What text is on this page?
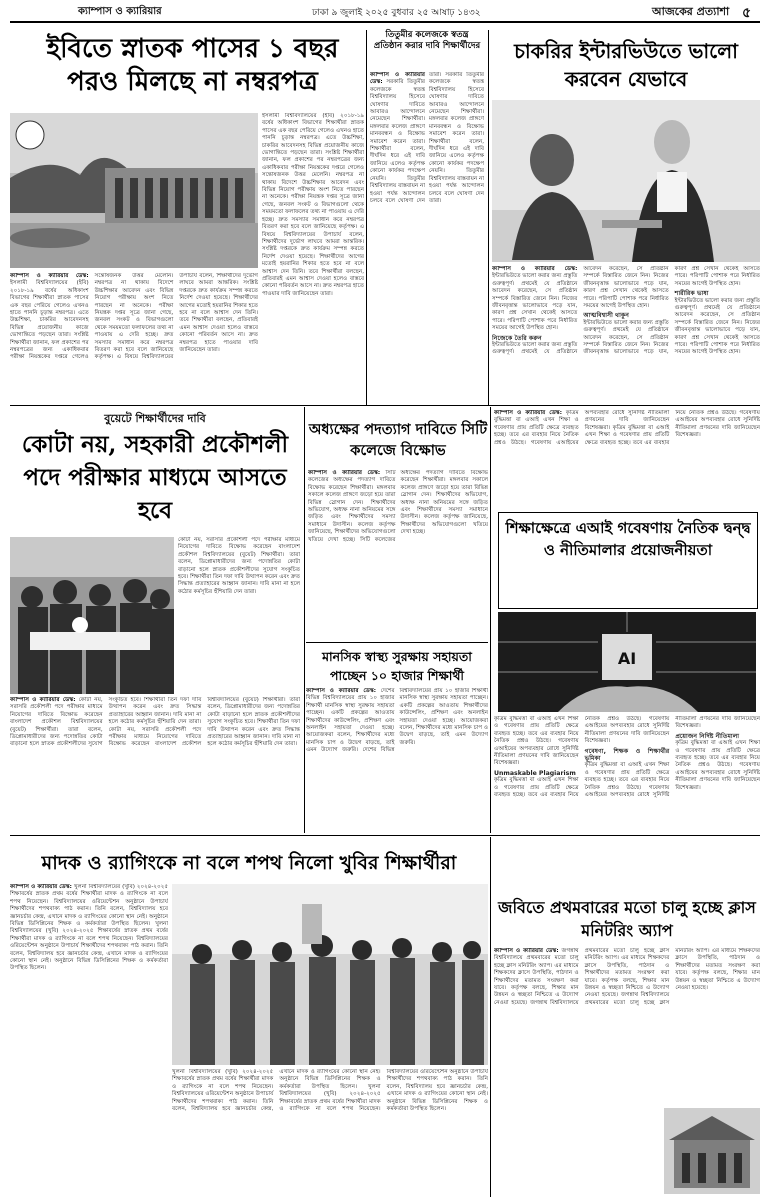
ক্যাম্পাস ও ক্যারিয়ার	ঢাকা ৯ জুলাই ২০২৫ বুধবার ২৫ আষাঢ় ১৪৩২	আজকের প্রত্যাশা ৫
ইবিতে স্নাতক পাসের ১ বছর পরও মিলছে না নম্বরপত্র
ক্যাম্পাস ও ক্যারিয়ার ডেস্ক: ইসলামী বিশ্ববিদ্যালয়ের (ইবি) ২০১৮-১৯ বর্ষের অধিকাংশ বিভাগের শিক্ষার্থীরা স্নাতক পাসের এক বছর পেরিয়ে গেলেও এখনও হাতে পাননি চূড়ান্ত নম্বরপত্র। এতে উচ্চশিক্ষা, চাকরির আবেদনসহ বিভিন্ন প্রয়োজনীয় কাজে ভোগান্তিতে পড়ছেন তারা। সংশ্লিষ্ট শিক্ষার্থীরা জানান, ফল প্রকাশের পর নম্বরপত্রের জন্য একাধিকবার পরীক্ষা নিয়ন্ত্রকের দপ্তরে গেলেও সন্তোষজনক উত্তর মেলেনি। নম্বরপত্র না থাকায় বিদেশে উচ্চশিক্ষার আবেদন এবং বিভিন্ন নিয়োগ পরীক্ষায় অংশ নিতে পারছেন না অনেকে। পরীক্ষা নিয়ন্ত্রক দপ্তর সূত্রে জানা গেছে, জনবল সংকট ও বিভাগগুলো থেকে সময়মতো ফলাফলের তথ্য না পাওয়ায় এ দেরি হচ্ছে। দ্রুত সমস্যার সমাধান করে নম্বরপত্র বিতরণ করা হবে বলে জানিয়েছে কর্তৃপক্ষ। এ বিষয়ে বিশ্ববিদ্যালয়ের উপাচার্য বলেন, শিক্ষার্থীদের দুর্ভোগ লাঘবে আমরা আন্তরিক। সংশ্লিষ্ট দপ্তরকে দ্রুত কার্যক্রম সম্পন্ন করতে নির্দেশ দেওয়া হয়েছে। শিক্ষার্থীদের আগের মতোই হয়রানির শিকার হতে হবে না বলে আশ্বাস দেন তিনি। তবে শিক্ষার্থীরা বলছেন, প্রতিবারই এমন আশ্বাস দেওয়া হলেও বাস্তবে কোনো পরিবর্তন আসে না। দ্রুত নম্বরপত্র হাতে পাওয়ার দাবি জানিয়েছেন তারা।
ইসলামী বিশ্ববিদ্যালয়ের (ইবি) ২০১৮-১৯ বর্ষের অধিকাংশ বিভাগের শিক্ষার্থীরা স্নাতক পাসের এক বছর পেরিয়ে গেলেও এখনও হাতে পাননি চূড়ান্ত নম্বরপত্র। এতে উচ্চশিক্ষা, চাকরির আবেদনসহ বিভিন্ন প্রয়োজনীয় কাজে ভোগান্তিতে পড়ছেন তারা। সংশ্লিষ্ট শিক্ষার্থীরা জানান, ফল প্রকাশের পর নম্বরপত্রের জন্য একাধিকবার পরীক্ষা নিয়ন্ত্রকের দপ্তরে গেলেও সন্তোষজনক উত্তর মেলেনি। নম্বরপত্র না থাকায় বিদেশে উচ্চশিক্ষার আবেদন এবং বিভিন্ন নিয়োগ পরীক্ষায় অংশ নিতে পারছেন না অনেকে। পরীক্ষা নিয়ন্ত্রক দপ্তর সূত্রে জানা গেছে, জনবল সংকট ও বিভাগগুলো থেকে সময়মতো ফলাফলের তথ্য না পাওয়ায় এ দেরি হচ্ছে। দ্রুত সমস্যার সমাধান করে নম্বরপত্র বিতরণ করা হবে বলে জানিয়েছে কর্তৃপক্ষ। এ বিষয়ে বিশ্ববিদ্যালয়ের উপাচার্য বলেন, শিক্ষার্থীদের দুর্ভোগ লাঘবে আমরা আন্তরিক। সংশ্লিষ্ট দপ্তরকে দ্রুত কার্যক্রম সম্পন্ন করতে নির্দেশ দেওয়া হয়েছে। শিক্ষার্থীদের আগের মতোই হয়রানির শিকার হতে হবে না বলে আশ্বাস দেন তিনি। তবে শিক্ষার্থীরা বলছেন, প্রতিবারই এমন আশ্বাস দেওয়া হলেও বাস্তবে কোনো পরিবর্তন আসে না। দ্রুত নম্বরপত্র হাতে পাওয়ার দাবি জানিয়েছেন তারা।
তিতুমীর কলেজকে স্বতন্ত্র প্রতিষ্ঠান করার দাবি শিক্ষার্থীদের
ক্যাম্পাস ও ক্যারিয়ার ডেস্ক: সরকারি তিতুমীর কলেজকে স্বতন্ত্র বিশ্ববিদ্যালয় হিসেবে ঘোষণার দাবিতে আবারও আন্দোলনে নেমেছেন শিক্ষার্থীরা। মঙ্গলবার কলেজ প্রাঙ্গণে মানববন্ধন ও বিক্ষোভ সমাবেশ করেন তারা। শিক্ষার্থীরা বলেন, দীর্ঘদিন ধরে এই দাবি জানিয়ে এলেও কর্তৃপক্ষ কোনো কার্যকর পদক্ষেপ নেয়নি। তিতুমীর বিশ্ববিদ্যালয় বাস্তবায়ন না হওয়া পর্যন্ত আন্দোলন চলবে বলে ঘোষণা দেন তারা। সরকারি তিতুমীর কলেজকে স্বতন্ত্র বিশ্ববিদ্যালয় হিসেবে ঘোষণার দাবিতে আবারও আন্দোলনে নেমেছেন শিক্ষার্থীরা। মঙ্গলবার কলেজ প্রাঙ্গণে মানববন্ধন ও বিক্ষোভ সমাবেশ করেন তারা। শিক্ষার্থীরা বলেন, দীর্ঘদিন ধরে এই দাবি জানিয়ে এলেও কর্তৃপক্ষ কোনো কার্যকর পদক্ষেপ নেয়নি। তিতুমীর বিশ্ববিদ্যালয় বাস্তবায়ন না হওয়া পর্যন্ত আন্দোলন চলবে বলে ঘোষণা দেন তারা।
চাকরির ইন্টারভিউতে ভালো করবেন যেভাবে
ক্যাম্পাস ও ক্যারিয়ার ডেস্ক: ইন্টারভিউতে ভালো করার জন্য প্রস্তুতি গুরুত্বপূর্ণ। প্রথমেই যে প্রতিষ্ঠানে আবেদন করেছেন, সে প্রতিষ্ঠান সম্পর্কে বিস্তারিত জেনে নিন। নিজের জীবনবৃত্তান্ত ভালোভাবে পড়ে যান, কারণ প্রশ্ন সেখান থেকেই আসতে পারে। পরিপাটি পোশাক পরে নির্ধারিত সময়ের আগেই উপস্থিত হোন।
নিজেকে তৈরি করুন
ইন্টারভিউতে ভালো করার জন্য প্রস্তুতি গুরুত্বপূর্ণ। প্রথমেই যে প্রতিষ্ঠানে আবেদন করেছেন, সে প্রতিষ্ঠান সম্পর্কে বিস্তারিত জেনে নিন। নিজের জীবনবৃত্তান্ত ভালোভাবে পড়ে যান, কারণ প্রশ্ন সেখান থেকেই আসতে পারে। পরিপাটি পোশাক পরে নির্ধারিত সময়ের আগেই উপস্থিত হোন।
আত্মবিশ্বাসী থাকুন
ইন্টারভিউতে ভালো করার জন্য প্রস্তুতি গুরুত্বপূর্ণ। প্রথমেই যে প্রতিষ্ঠানে আবেদন করেছেন, সে প্রতিষ্ঠান সম্পর্কে বিস্তারিত জেনে নিন। নিজের জীবনবৃত্তান্ত ভালোভাবে পড়ে যান, কারণ প্রশ্ন সেখান থেকেই আসতে পারে। পরিপাটি পোশাক পরে নির্ধারিত সময়ের আগেই উপস্থিত হোন।
শারীরিক ভাষা
ইন্টারভিউতে ভালো করার জন্য প্রস্তুতি গুরুত্বপূর্ণ। প্রথমেই যে প্রতিষ্ঠানে আবেদন করেছেন, সে প্রতিষ্ঠান সম্পর্কে বিস্তারিত জেনে নিন। নিজের জীবনবৃত্তান্ত ভালোভাবে পড়ে যান, কারণ প্রশ্ন সেখান থেকেই আসতে পারে। পরিপাটি পোশাক পরে নির্ধারিত সময়ের আগেই উপস্থিত হোন।
বুয়েটে শিক্ষার্থীদের দাবি
কোটা নয়, সহকারী প্রকৌশলী পদে পরীক্ষার মাধ্যমে আসতে হবে
ক্যাম্পাস ও ক্যারিয়ার ডেস্ক: কোটা নয়, সরাসরি প্রকৌশলী পদে পরীক্ষার মাধ্যমে নিয়োগের দাবিতে বিক্ষোভ করেছেন বাংলাদেশ প্রকৌশল বিশ্ববিদ্যালয়ের (বুয়েট) শিক্ষার্থীরা। তারা বলেন, ডিপ্লোমাধারীদের জন্য পদোন্নতির কোটা বাড়ানো হলে স্নাতক প্রকৌশলীদের সুযোগ সংকুচিত হবে। শিক্ষার্থীরা তিন দফা দাবি উত্থাপন করেন এবং দ্রুত সিদ্ধান্ত প্রত্যাহারের আহ্বান জানান। দাবি মানা না হলে কঠোর কর্মসূচির হুঁশিয়ারি দেন তারা। কোটা নয়, সরাসরি প্রকৌশলী পদে পরীক্ষার মাধ্যমে নিয়োগের দাবিতে বিক্ষোভ করেছেন বাংলাদেশ প্রকৌশল বিশ্ববিদ্যালয়ের (বুয়েট) শিক্ষার্থীরা। তারা বলেন, ডিপ্লোমাধারীদের জন্য পদোন্নতির কোটা বাড়ানো হলে স্নাতক প্রকৌশলীদের সুযোগ সংকুচিত হবে। শিক্ষার্থীরা তিন দফা দাবি উত্থাপন করেন এবং দ্রুত সিদ্ধান্ত প্রত্যাহারের আহ্বান জানান। দাবি মানা না হলে কঠোর কর্মসূচির হুঁশিয়ারি দেন তারা।
কোটা নয়, সরাসরি প্রকৌশলী পদে পরীক্ষার মাধ্যমে নিয়োগের দাবিতে বিক্ষোভ করেছেন বাংলাদেশ প্রকৌশল বিশ্ববিদ্যালয়ের (বুয়েট) শিক্ষার্থীরা। তারা বলেন, ডিপ্লোমাধারীদের জন্য পদোন্নতির কোটা বাড়ানো হলে স্নাতক প্রকৌশলীদের সুযোগ সংকুচিত হবে। শিক্ষার্থীরা তিন দফা দাবি উত্থাপন করেন এবং দ্রুত সিদ্ধান্ত প্রত্যাহারের আহ্বান জানান। দাবি মানা না হলে কঠোর কর্মসূচির হুঁশিয়ারি দেন তারা।
অধ্যক্ষের পদত্যাগ দাবিতে সিটি কলেজে বিক্ষোভ
ক্যাম্পাস ও ক্যারিয়ার ডেস্ক: সিটি কলেজের অধ্যক্ষের পদত্যাগ দাবিতে বিক্ষোভ করেছেন শিক্ষার্থীরা। মঙ্গলবার সকালে কলেজ প্রাঙ্গণে জড়ো হয়ে তারা বিভিন্ন স্লোগান দেন। শিক্ষার্থীদের অভিযোগ, অধ্যক্ষ নানা অনিয়মের সঙ্গে জড়িত এবং শিক্ষার্থীদের সমস্যা সমাধানে উদাসীন। কলেজ কর্তৃপক্ষ জানিয়েছে, শিক্ষার্থীদের অভিযোগগুলো খতিয়ে দেখা হচ্ছে। সিটি কলেজের অধ্যক্ষের পদত্যাগ দাবিতে বিক্ষোভ করেছেন শিক্ষার্থীরা। মঙ্গলবার সকালে কলেজ প্রাঙ্গণে জড়ো হয়ে তারা বিভিন্ন স্লোগান দেন। শিক্ষার্থীদের অভিযোগ, অধ্যক্ষ নানা অনিয়মের সঙ্গে জড়িত এবং শিক্ষার্থীদের সমস্যা সমাধানে উদাসীন। কলেজ কর্তৃপক্ষ জানিয়েছে, শিক্ষার্থীদের অভিযোগগুলো খতিয়ে দেখা হচ্ছে।
মানসিক স্বাস্থ্য সুরক্ষায় সহায়তা পাচ্ছেন ১০ হাজার শিক্ষার্থী
ক্যাম্পাস ও ক্যারিয়ার ডেস্ক: দেশের বিভিন্ন বিশ্ববিদ্যালয়ের প্রায় ১০ হাজার শিক্ষার্থী মানসিক স্বাস্থ্য সুরক্ষায় সহায়তা পাচ্ছেন। একটি প্রকল্পের আওতায় শিক্ষার্থীদের কাউন্সেলিং, প্রশিক্ষণ এবং অনলাইন সহায়তা দেওয়া হচ্ছে। আয়োজকরা বলেন, শিক্ষার্থীদের মধ্যে মানসিক চাপ ও উদ্বেগ বাড়ছে, তাই এমন উদ্যোগ জরুরি। দেশের বিভিন্ন বিশ্ববিদ্যালয়ের প্রায় ১০ হাজার শিক্ষার্থী মানসিক স্বাস্থ্য সুরক্ষায় সহায়তা পাচ্ছেন। একটি প্রকল্পের আওতায় শিক্ষার্থীদের কাউন্সেলিং, প্রশিক্ষণ এবং অনলাইন সহায়তা দেওয়া হচ্ছে। আয়োজকরা বলেন, শিক্ষার্থীদের মধ্যে মানসিক চাপ ও উদ্বেগ বাড়ছে, তাই এমন উদ্যোগ জরুরি।
ক্যাম্পাস ও ক্যারিয়ার ডেস্ক: কৃত্রিম বুদ্ধিমত্তা বা এআই এখন শিক্ষা ও গবেষণার প্রায় প্রতিটি ক্ষেত্রে ব্যবহৃত হচ্ছে। তবে এর ব্যবহার নিয়ে নৈতিক প্রশ্নও উঠছে। গবেষণায় এআইয়ের অপব্যবহার রোধে সুনির্দিষ্ট নীতিমালা প্রণয়নের দাবি জানিয়েছেন বিশেষজ্ঞরা। কৃত্রিম বুদ্ধিমত্তা বা এআই এখন শিক্ষা ও গবেষণার প্রায় প্রতিটি ক্ষেত্রে ব্যবহৃত হচ্ছে। তবে এর ব্যবহার নিয়ে নৈতিক প্রশ্নও উঠছে। গবেষণায় এআইয়ের অপব্যবহার রোধে সুনির্দিষ্ট নীতিমালা প্রণয়নের দাবি জানিয়েছেন বিশেষজ্ঞরা।
শিক্ষাক্ষেত্রে এআই গবেষণায় নৈতিক দ্বন্দ্ব ও নীতিমালার প্রয়োজনীয়তা
AI
কৃত্রিম বুদ্ধিমত্তা বা এআই এখন শিক্ষা ও গবেষণার প্রায় প্রতিটি ক্ষেত্রে ব্যবহৃত হচ্ছে। তবে এর ব্যবহার নিয়ে নৈতিক প্রশ্নও উঠছে। গবেষণায় এআইয়ের অপব্যবহার রোধে সুনির্দিষ্ট নীতিমালা প্রণয়নের দাবি জানিয়েছেন বিশেষজ্ঞরা।
Unmaskable Plagiarism
কৃত্রিম বুদ্ধিমত্তা বা এআই এখন শিক্ষা ও গবেষণার প্রায় প্রতিটি ক্ষেত্রে ব্যবহৃত হচ্ছে। তবে এর ব্যবহার নিয়ে নৈতিক প্রশ্নও উঠছে। গবেষণায় এআইয়ের অপব্যবহার রোধে সুনির্দিষ্ট নীতিমালা প্রণয়নের দাবি জানিয়েছেন বিশেষজ্ঞরা।
গবেষণা, শিক্ষক ও শিক্ষার্থীর ভূমিকা
কৃত্রিম বুদ্ধিমত্তা বা এআই এখন শিক্ষা ও গবেষণার প্রায় প্রতিটি ক্ষেত্রে ব্যবহৃত হচ্ছে। তবে এর ব্যবহার নিয়ে নৈতিক প্রশ্নও উঠছে। গবেষণায় এআইয়ের অপব্যবহার রোধে সুনির্দিষ্ট নীতিমালা প্রণয়নের দাবি জানিয়েছেন বিশেষজ্ঞরা।
প্রয়োজন নির্দিষ্ট নীতিমালা
কৃত্রিম বুদ্ধিমত্তা বা এআই এখন শিক্ষা ও গবেষণার প্রায় প্রতিটি ক্ষেত্রে ব্যবহৃত হচ্ছে। তবে এর ব্যবহার নিয়ে নৈতিক প্রশ্নও উঠছে। গবেষণায় এআইয়ের অপব্যবহার রোধে সুনির্দিষ্ট নীতিমালা প্রণয়নের দাবি জানিয়েছেন বিশেষজ্ঞরা।
মাদক ও র‍্যাগিংকে না বলে শপথ নিলো খুবির শিক্ষার্থীরা
ক্যাম্পাস ও ক্যারিয়ার ডেস্ক: খুলনা বিশ্ববিদ্যালয়ের (খুবি) ২০২৪-২০২৫ শিক্ষাবর্ষের স্নাতক প্রথম বর্ষের শিক্ষার্থীরা মাদক ও র‍্যাগিংকে না বলে শপথ নিয়েছেন। বিশ্ববিদ্যালয়ের ওরিয়েন্টেশন অনুষ্ঠানে উপাচার্য শিক্ষার্থীদের শপথবাক্য পাঠ করান। তিনি বলেন, বিশ্ববিদ্যালয় হবে জ্ঞানচর্চার কেন্দ্র, এখানে মাদক ও র‍্যাগিংয়ের কোনো স্থান নেই। অনুষ্ঠানে বিভিন্ন ডিসিপ্লিনের শিক্ষক ও কর্মকর্তারা উপস্থিত ছিলেন। খুলনা বিশ্ববিদ্যালয়ের (খুবি) ২০২৪-২০২৫ শিক্ষাবর্ষের স্নাতক প্রথম বর্ষের শিক্ষার্থীরা মাদক ও র‍্যাগিংকে না বলে শপথ নিয়েছেন। বিশ্ববিদ্যালয়ের ওরিয়েন্টেশন অনুষ্ঠানে উপাচার্য শিক্ষার্থীদের শপথবাক্য পাঠ করান। তিনি বলেন, বিশ্ববিদ্যালয় হবে জ্ঞানচর্চার কেন্দ্র, এখানে মাদক ও র‍্যাগিংয়ের কোনো স্থান নেই। অনুষ্ঠানে বিভিন্ন ডিসিপ্লিনের শিক্ষক ও কর্মকর্তারা উপস্থিত ছিলেন।
খুলনা বিশ্ববিদ্যালয়ের (খুবি) ২০২৪-২০২৫ শিক্ষাবর্ষের স্নাতক প্রথম বর্ষের শিক্ষার্থীরা মাদক ও র‍্যাগিংকে না বলে শপথ নিয়েছেন। বিশ্ববিদ্যালয়ের ওরিয়েন্টেশন অনুষ্ঠানে উপাচার্য শিক্ষার্থীদের শপথবাক্য পাঠ করান। তিনি বলেন, বিশ্ববিদ্যালয় হবে জ্ঞানচর্চার কেন্দ্র, এখানে মাদক ও র‍্যাগিংয়ের কোনো স্থান নেই। অনুষ্ঠানে বিভিন্ন ডিসিপ্লিনের শিক্ষক ও কর্মকর্তারা উপস্থিত ছিলেন। খুলনা বিশ্ববিদ্যালয়ের (খুবি) ২০২৪-২০২৫ শিক্ষাবর্ষের স্নাতক প্রথম বর্ষের শিক্ষার্থীরা মাদক ও র‍্যাগিংকে না বলে শপথ নিয়েছেন। বিশ্ববিদ্যালয়ের ওরিয়েন্টেশন অনুষ্ঠানে উপাচার্য শিক্ষার্থীদের শপথবাক্য পাঠ করান। তিনি বলেন, বিশ্ববিদ্যালয় হবে জ্ঞানচর্চার কেন্দ্র, এখানে মাদক ও র‍্যাগিংয়ের কোনো স্থান নেই। অনুষ্ঠানে বিভিন্ন ডিসিপ্লিনের শিক্ষক ও কর্মকর্তারা উপস্থিত ছিলেন।
জবিতে প্রথমবারের মতো চালু হচ্ছে ক্লাস মনিটরিং অ্যাপ
ক্যাম্পাস ও ক্যারিয়ার ডেস্ক: জগন্নাথ বিশ্ববিদ্যালয়ে প্রথমবারের মতো চালু হচ্ছে ক্লাস মনিটরিং অ্যাপ। এর মাধ্যমে শিক্ষকদের ক্লাসে উপস্থিতি, পাঠদান ও শিক্ষার্থীদের মতামত সংরক্ষণ করা যাবে। কর্তৃপক্ষ বলছে, শিক্ষার মান উন্নয়ন ও স্বচ্ছতা নিশ্চিতে এ উদ্যোগ নেওয়া হয়েছে। জগন্নাথ বিশ্ববিদ্যালয়ে প্রথমবারের মতো চালু হচ্ছে ক্লাস মনিটরিং অ্যাপ। এর মাধ্যমে শিক্ষকদের ক্লাসে উপস্থিতি, পাঠদান ও শিক্ষার্থীদের মতামত সংরক্ষণ করা যাবে। কর্তৃপক্ষ বলছে, শিক্ষার মান উন্নয়ন ও স্বচ্ছতা নিশ্চিতে এ উদ্যোগ নেওয়া হয়েছে। জগন্নাথ বিশ্ববিদ্যালয়ে প্রথমবারের মতো চালু হচ্ছে ক্লাস মনিটরিং অ্যাপ। এর মাধ্যমে শিক্ষকদের ক্লাসে উপস্থিতি, পাঠদান ও শিক্ষার্থীদের মতামত সংরক্ষণ করা যাবে। কর্তৃপক্ষ বলছে, শিক্ষার মান উন্নয়ন ও স্বচ্ছতা নিশ্চিতে এ উদ্যোগ নেওয়া হয়েছে।
